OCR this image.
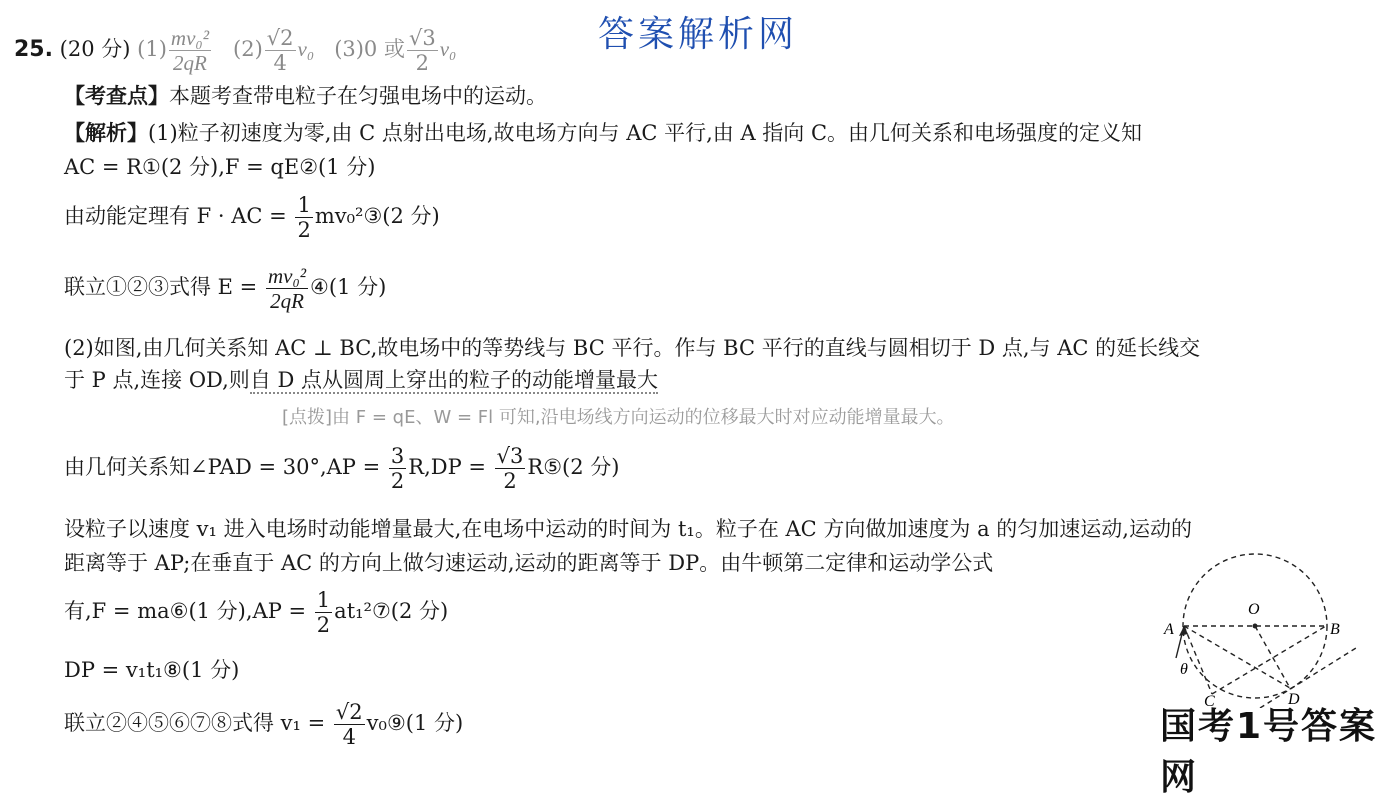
答案解析网
25. (20 分) $(1) \frac{\text{mv₀²}}{2qR} (2) \frac{√2}{4} v_0$ (3)0 或 $\frac{√3}{2} v_0$
【考查点】本题考查带电粒子在匀强电场中的运动。
【解析】(1)粒子初速度为零,由 C 点射出电场,故电场方向与 AC 平行,由 A 指向 C。由几何关系和电场强度的定义知
AC = R①(2 分),F = qE②(1 分)
由动能定理有 F · AC = $\frac{1}{2}$ mv₀²③(2 分)
联立①②③式得 $E = \frac{\text{mv₀²}}{2qR}$ ④(1 分)
(2)如图,由几何关系知 AC ⊥ BC,故电场中的等势线与 BC 平行。作与 BC 平行的直线与圆相切于 D 点,与 AC 的延长线交
于 P 点,连接 OD,则自 D 点从圆周上穿出的粒子的动能增量最大
[点拨]由 F = qE、W = Fl 可知,沿电场线方向运动的位移最大时对应动能增量最大。
由几何关系知∠PAD = $30^\circ,AP = \frac{3}{2} R,DP = \frac{√3}{2}$ R⑤(2 分)
设粒子以速度 v₁ 进入电场时动能增量最大,在电场中运动的时间为 t₁。粒子在 AC 方向做加速度为 a 的匀加速运动,运动的
距离等于 AP;在垂直于 AC 的方向上做匀速运动,运动的距离等于 DP。由牛顿第二定律和运动学公式
有,F = ma⑥(1 分)$,AP = \frac{1}{2}$ at₁²⑦(2 分)
DP = v₁t₁⑧(1 分)
联立②④⑤⑥⑦⑧式得 $v_1 = \frac{√2}{4}$ v₀⑨(1 分)
O
A	B
C	D
θ
国考1号答案网
